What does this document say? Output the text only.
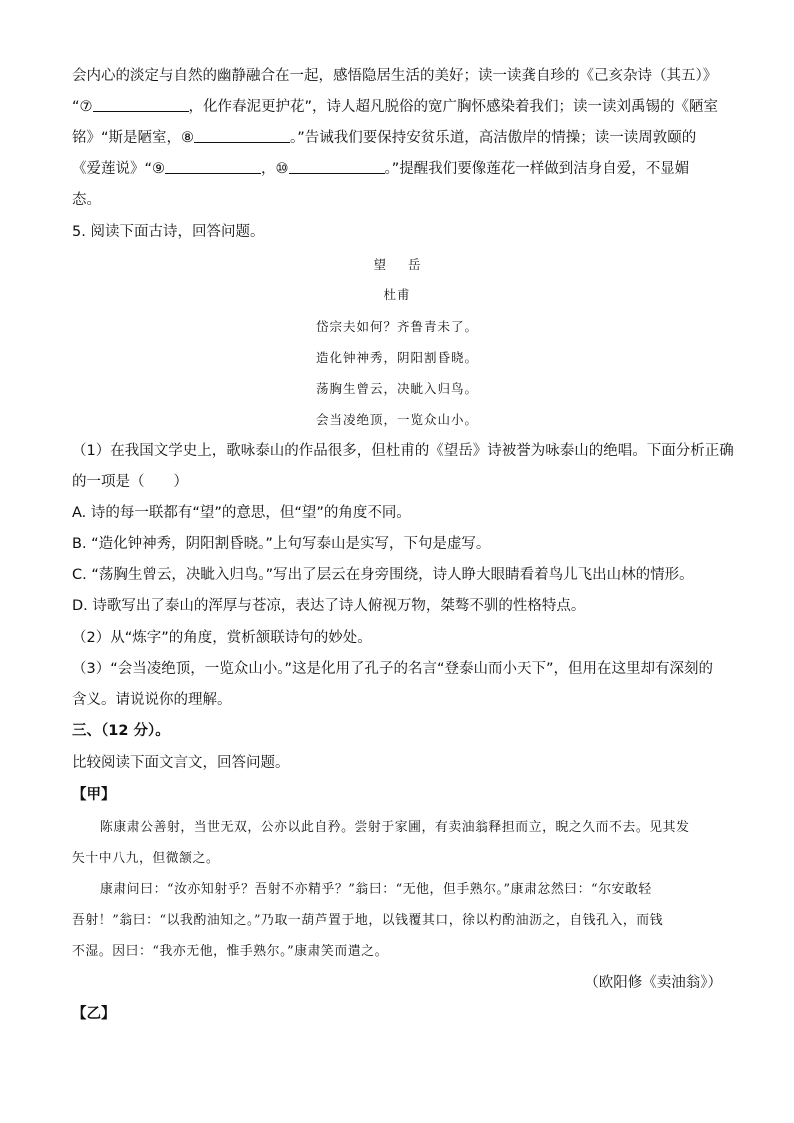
会内心的淡定与自然的幽静融合在一起，感悟隐居生活的美好；读一读龚自珍的《己亥杂诗（其五）》
“⑦	，化作春泥更护花”，诗人超凡脱俗的宽广胸怀感染着我们；读一读刘禹锡的《陋室
铭》“斯是陋室，⑧	。”告诫我们要保持安贫乐道，高洁傲岸的情操；读一读周敦颐的
《爱莲说》“⑨	，⑩	。”提醒我们要像莲花一样做到洁身自爱，不显媚
态。
5. 阅读下面古诗，回答问题。
望岳
杜甫
岱宗夫如何？齐鲁青未了。
造化钟神秀，阴阳割昏晓。
荡胸生曾云，决眦入归鸟。
会当凌绝顶，一览众山小。
（1）在我国文学史上，歌咏泰山的作品很多，但杜甫的《望岳》诗被誉为咏泰山的绝唱。下面分析正确
的一项是（　　）
A. 诗的每一联都有“望”的意思，但“望”的角度不同。
B. “造化钟神秀，阴阳割昏晓。”上句写泰山是实写，下句是虚写。
C. “荡胸生曾云，决眦入归鸟。”写出了层云在身旁围绕，诗人睁大眼睛看着鸟儿飞出山林的情形。
D. 诗歌写出了泰山的浑厚与苍凉，表达了诗人俯视万物，桀骜不驯的性格特点。
（2）从“炼字”的角度，赏析颔联诗句的妙处。
（3）“会当凌绝顶，一览众山小。”这是化用了孔子的名言“登泰山而小天下”，但用在这里却有深刻的
含义。请说说你的理解。
三、（12 分）。
比较阅读下面文言文，回答问题。
【甲】
陈康肃公善射，当世无双，公亦以此自矜。尝射于家圃，有卖油翁释担而立，睨之久而不去。见其发
矢十中八九，但微颔之。
康肃问曰：“汝亦知射乎？吾射不亦精乎？”翁曰：“无他，但手熟尔。”康肃忿然曰：“尔安敢轻
吾射！”翁曰：“以我酌油知之。”乃取一葫芦置于地，以钱覆其口，徐以杓酌油沥之，自钱孔入，而钱
不湿。因曰：“我亦无他，惟手熟尔。”康肃笑而遣之。
（欧阳修《卖油翁》）
【乙】
